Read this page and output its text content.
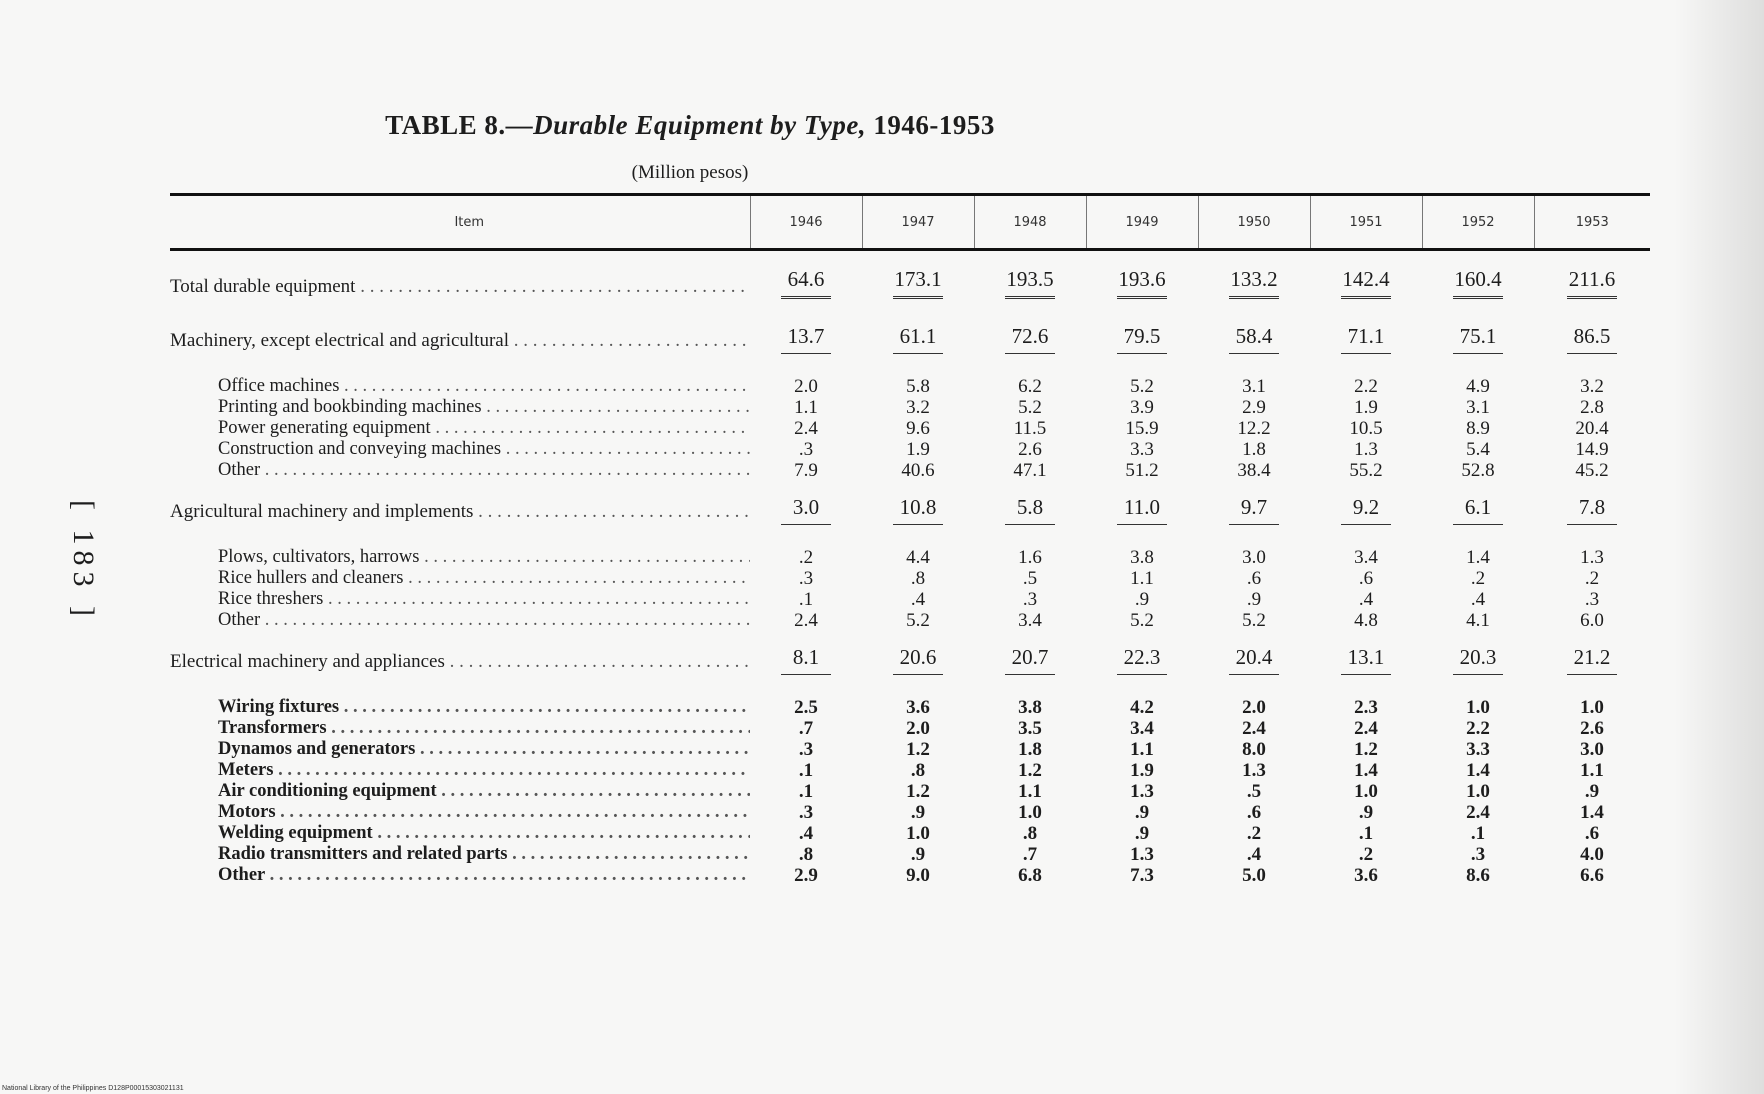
TABLE 8.—Durable Equipment by Type, 1946-1953
(Million pesos)
[ 183 ]
National Library of the Philippines D128P00015303021131
Item	1946	1947	1948	1949	1950	1951	1952	1953
Total durable equipment . . .	64.6	173.1	193.5	193.6	133.2	142.4	160.4	211.6
Machinery, except electrical and agricultural . . .	13.7	61.1	72.6	79.5	58.4	71.1	75.1	86.5
Office machines . . .	2.0	5.8	6.2	5.2	3.1	2.2	4.9	3.2
Printing and bookbinding machines . . .	1.1	3.2	5.2	3.9	2.9	1.9	3.1	2.8
Power generating equipment . . .	2.4	9.6	11.5	15.9	12.2	10.5	8.9	20.4
Construction and conveying machines . . .	.3	1.9	2.6	3.3	1.8	1.3	5.4	14.9
Other . . .	7.9	40.6	47.1	51.2	38.4	55.2	52.8	45.2
Agricultural machinery and implements . . .	3.0	10.8	5.8	11.0	9.7	9.2	6.1	7.8
Plows, cultivators, harrows . . .	.2	4.4	1.6	3.8	3.0	3.4	1.4	1.3
Rice hullers and cleaners . . .	.3	.8	.5	1.1	.6	.6	.2	.2
Rice threshers . . .	.1	.4	.3	.9	.9	.4	.4	.3
Other . . .	2.4	5.2	3.4	5.2	5.2	4.8	4.1	6.0
Electrical machinery and appliances . . .	8.1	20.6	20.7	22.3	20.4	13.1	20.3	21.2
Wiring fixtures . . .	2.5	3.6	3.8	4.2	2.0	2.3	1.0	1.0
Transformers . . .	.7	2.0	3.5	3.4	2.4	2.4	2.2	2.6
Dynamos and generators . . .	.3	1.2	1.8	1.1	8.0	1.2	3.3	3.0
Meters . . .	.1	.8	1.2	1.9	1.3	1.4	1.4	1.1
Air conditioning equipment . . .	.1	1.2	1.1	1.3	.5	1.0	1.0	.9
Motors . . .	.3	.9	1.0	.9	.6	.9	2.4	1.4
Welding equipment . . .	.4	1.0	.8	.9	.2	.1	.1	.6
Radio transmitters and related parts . . .	.8	.9	.7	1.3	.4	.2	.3	4.0
Other . . .	2.9	9.0	6.8	7.3	5.0	3.6	8.6	6.6
